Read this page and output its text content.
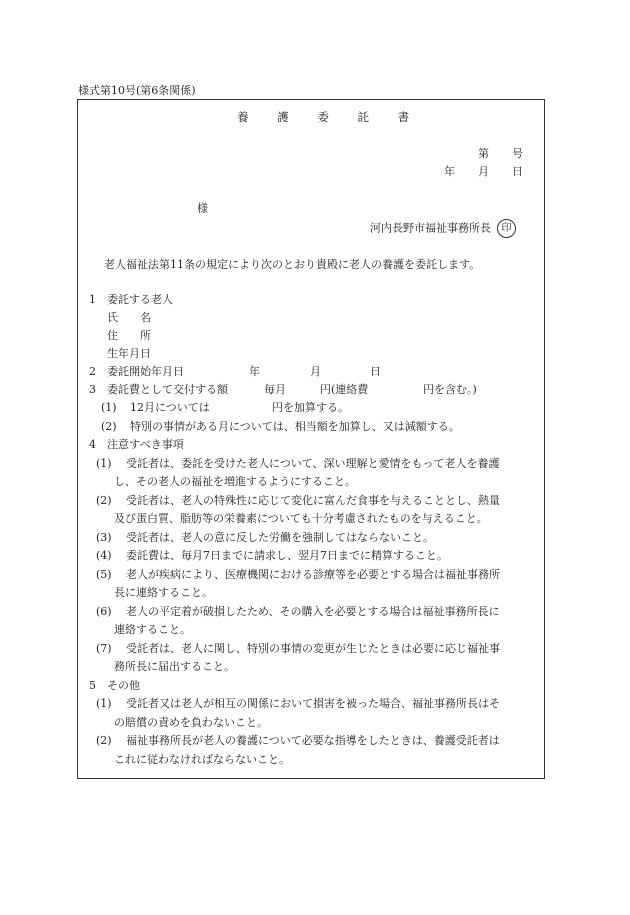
様式第10号(第6条関係)
養 護 委 託 書
第 号
年 月 日
様
河内長野市福祉事務所長 印
老人福祉法第11条の規定により次のとおり貴殿に老人の養護を委託します。
1　委託する老人
氏　　名
住　　所
生年月日
2　委託開始年月日	年	月	日
3　委託費として交付する額	毎月	円(連絡費	円を含む。)
(1) 12月については	円を加算する。
(2) 特別の事情がある月については、相当額を加算し、又は減額する。
4　注意すべき事項
(1) 受託者は、委託を受けた老人について、深い理解と愛情をもって老人を養護
し、その老人の福祉を増進するようにすること。
(2) 受託者は、老人の特殊性に応じて変化に富んだ食事を与えることとし、熱量
及び蛋白質、脂肪等の栄養素についても十分考慮されたものを与えること。
(3) 受託者は、老人の意に反した労働を強制してはならないこと。
(4) 委託費は、毎月7日までに請求し、翌月7日までに精算すること。
(5) 老人が疾病により、医療機関における診療等を必要とする場合は福祉事務所
長に連絡すること。
(6) 老人の平定着が破損したため、その購入を必要とする場合は福祉事務所長に
連絡すること。
(7) 受託者は、老人に関し、特別の事情の変更が生じたときは必要に応じ福祉事
務所長に届出すること。
5　その他
(1) 受託者又は老人が相互の関係において損害を被った場合、福祉事務所長はそ
の賠償の責めを負わないこと。
(2) 福祉事務所長が老人の養護について必要な指導をしたときは、養護受託者は
これに従わなければならないこと。
